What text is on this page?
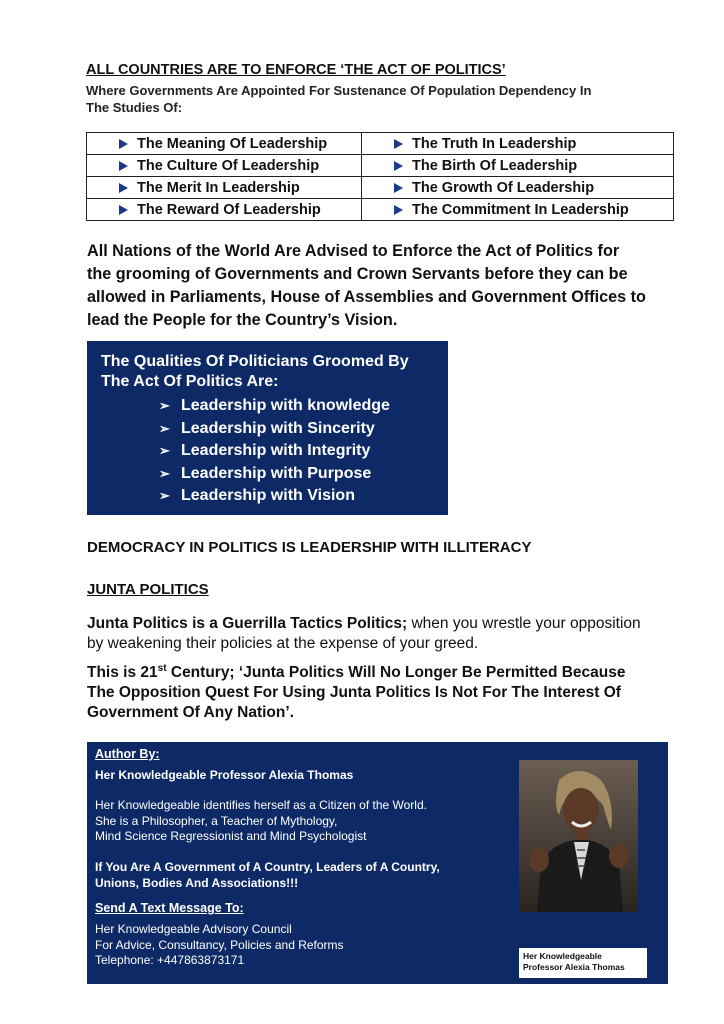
ALL COUNTRIES ARE TO ENFORCE ‘THE ACT OF POLITICS’
Where Governments Are Appointed For Sustenance Of Population Dependency In The Studies Of:
The Meaning Of Leadership	The Truth In Leadership

The Culture Of Leadership	The Birth Of Leadership

The Merit In Leadership	The Growth Of Leadership

The Reward Of Leadership	The Commitment In Leadership
All Nations of the World Are Advised to Enforce the Act of Politics for the grooming of Governments and Crown Servants before they can be allowed in Parliaments, House of Assemblies and Government Offices to lead the People for the Country’s Vision.
The Qualities Of Politicians Groomed By The Act Of Politics Are:
➢ Leadership with knowledge
➢ Leadership with Sincerity
➢ Leadership with Integrity
➢ Leadership with Purpose
➢ Leadership with Vision
DEMOCRACY IN POLITICS IS LEADERSHIP WITH ILLITERACY
JUNTA POLITICS
Junta Politics is a Guerrilla Tactics Politics; when you wrestle your opposition by weakening their policies at the expense of your greed.
This is 21st Century; ‘Junta Politics Will No Longer Be Permitted Because The Opposition Quest For Using Junta Politics Is Not For The Interest Of Government Of Any Nation’.
Author By:
Her Knowledgeable Professor Alexia Thomas
Her Knowledgeable identifies herself as a Citizen of the World.
She is a Philosopher, a Teacher of Mythology,
Mind Science Regressionist and Mind Psychologist
If You Are A Government of A Country, Leaders of A Country,
Unions, Bodies And Associations!!!
Send A Text Message To:
Her Knowledgeable Advisory Council
For Advice, Consultancy, Policies and Reforms
Telephone: +447863873171	Her Knowledgeable
Professor Alexia Thomas
